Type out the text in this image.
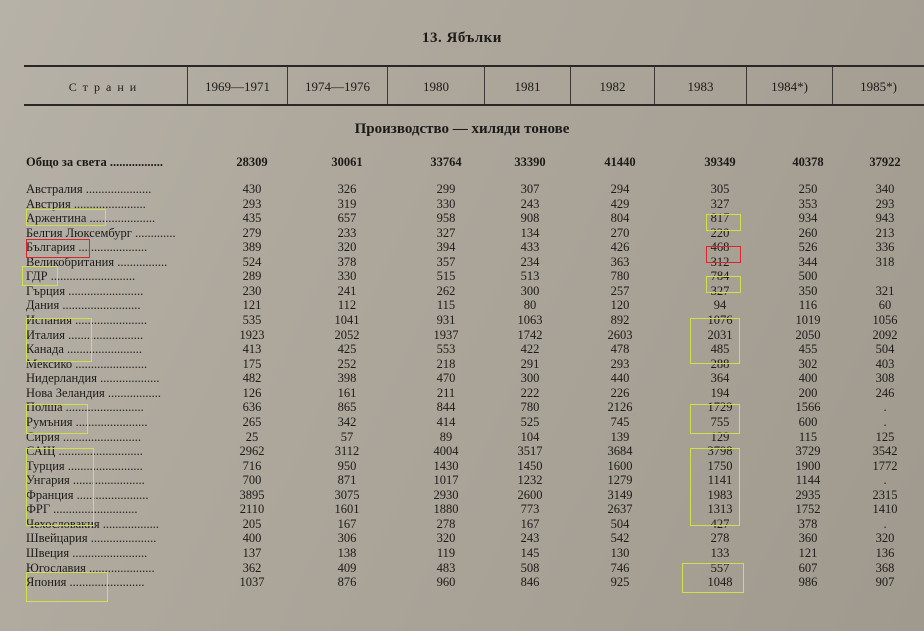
13. Ябълки
Страни	1969—1971	1974—1976	1980	1981	1982	1983	1984*)	1985*)
Производство — хиляди тонове
Общо за света .................	28309	30061	33764	33390	41440	39349	40378	37922
Австралия .....................	430	326	299	307	294	305	250	340
Австрия .......................	293	319	330	243	429	327	353	293
Аржентина .....................	435	657	958	908	804	817	934	943
Белгия Люксембург .............	279	233	327	134	270	220	260	213
България ......................	389	320	394	433	426	468	526	336
Великобритания ................	524	378	357	234	363	312	344	318
ГДР ...........................	289	330	515	513	780	784	500
Гърция ........................	230	241	262	300	257	327	350	321
Дания .........................	121	112	115	80	120	94	116	60
Испания .......................	535	1041	931	1063	892	1076	1019	1056
Италия ........................	1923	2052	1937	1742	2603	2031	2050	2092
Канада ........................	413	425	553	422	478	485	455	504
Мексико .......................	175	252	218	291	293	288	302	403
Нидерландия ...................	482	398	470	300	440	364	400	308
Нова Зеландия .................	126	161	211	222	226	194	200	246
Полша .........................	636	865	844	780	2126	1729	1566	.
Румъния .......................	265	342	414	525	745	755	600	.
Сирия .........................	25	57	89	104	139	129	115	125
САЩ ...........................	2962	3112	4004	3517	3684	3798	3729	3542
Турция ........................	716	950	1430	1450	1600	1750	1900	1772
Унгария .......................	700	871	1017	1232	1279	1141	1144	.
Франция .......................	3895	3075	2930	2600	3149	1983	2935	2315
ФРГ ...........................	2110	1601	1880	773	2637	1313	1752	1410
Чехословакия ..................	205	167	278	167	504	427	378	.
Швейцария .....................	400	306	320	243	542	278	360	320
Швеция ........................	137	138	119	145	130	133	121	136
Югославия .....................	362	409	483	508	746	557	607	368
Япония ........................	1037	876	960	846	925	1048	986	907
